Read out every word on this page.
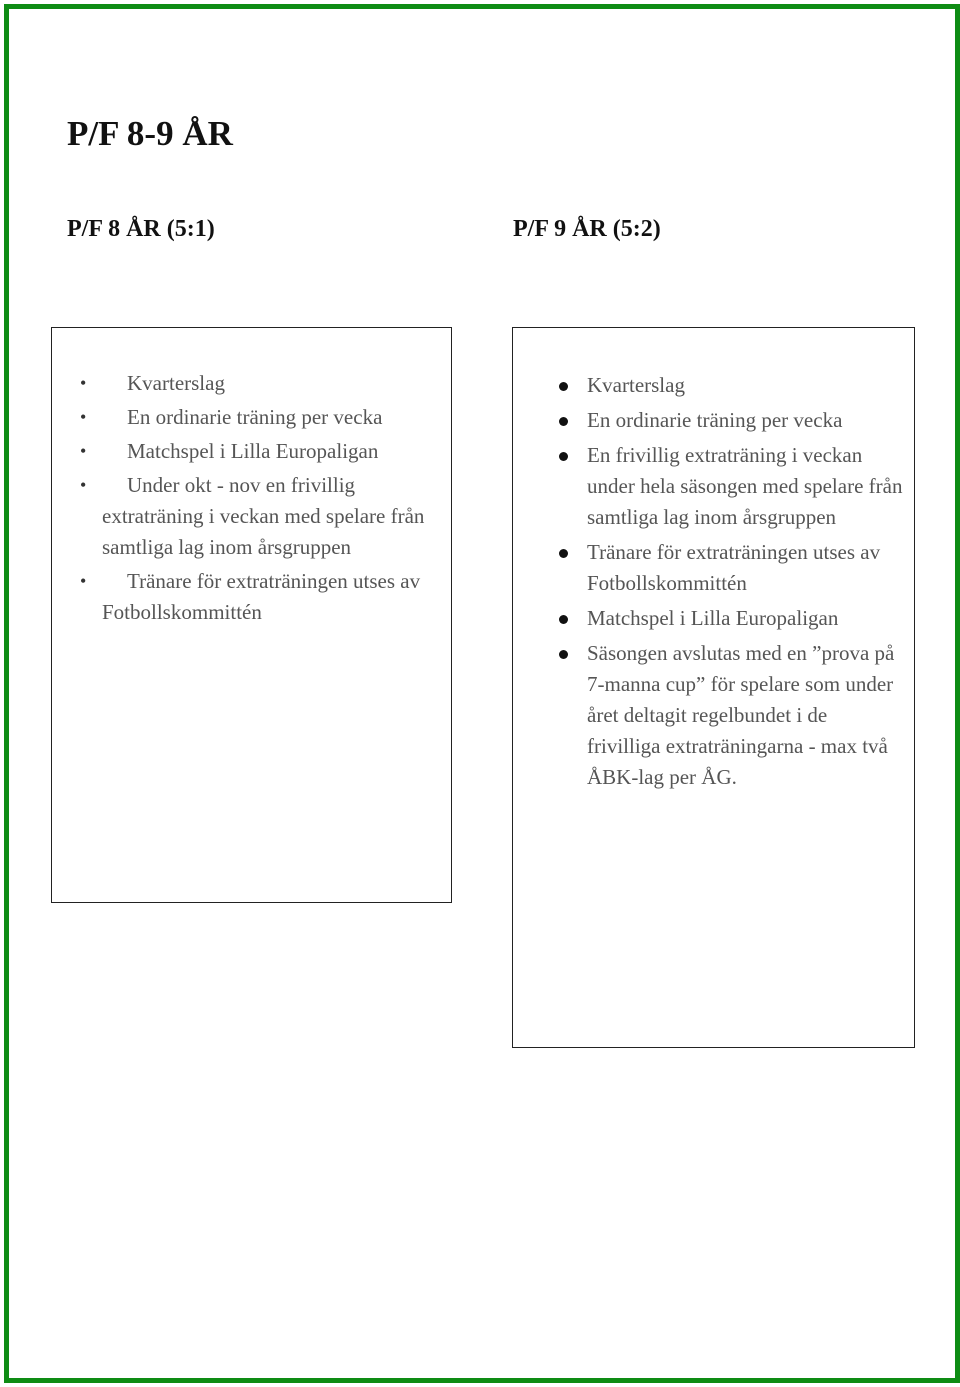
P/F 8-9 ÅR
P/F 8 ÅR (5:1)	P/F 9 ÅR (5:2)
• Kvarterslag
• En ordinarie träning per vecka
• Matchspel i Lilla Europaligan
• Under okt - nov en frivillig extraträning i veckan med spelare från samtliga lag inom årsgruppen
• Tränare för extraträningen utses av Fotbollskommittén
Kvarterslag
En ordinarie träning per vecka
En frivillig extraträning i veckan under hela säsongen med spelare från samtliga lag inom årsgruppen
Tränare för extraträningen utses av Fotbollskommittén
Matchspel i Lilla Europaligan
Säsongen avslutas med en ”prova på 7-manna cup” för spelare som under året deltagit regelbundet i de frivilliga extraträningarna - max två ÅBK-lag per ÅG.
